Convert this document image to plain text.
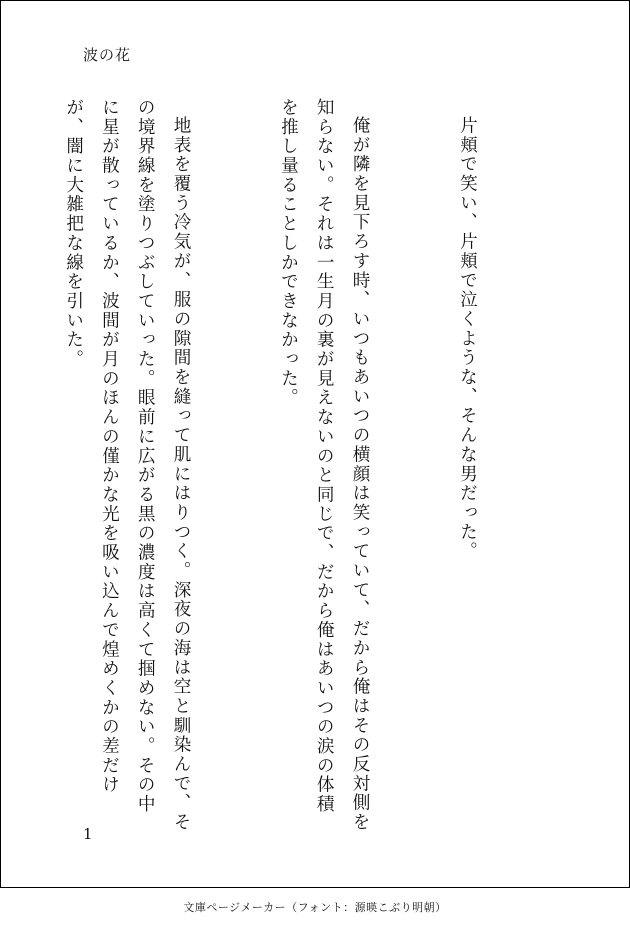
波の花

片頬で笑い、片頬で泣くような、そんな男だった。

俺が隣を見下ろす時、いつもあいつの横顔は笑っていて、だから俺はその反対側を知らない。それは一生月の裏が見えないのと同じで、だから俺はあいつの涙の体積を推し量ることしかできなかった。

地表を覆う冷気が、服の隙間を縫って肌にはりつく。深夜の海は空と馴染んで、その境界線を塗りつぶしていった。眼前に広がる黒の濃度は高くて掴めない。その中に星が散っているか、波間が月のほんの僅かな光を吸い込んで煌めくかの差だけが、闇に大雑把な線を引いた。

1
文庫ページメーカー（フォント：源暎こぶり明朝）
